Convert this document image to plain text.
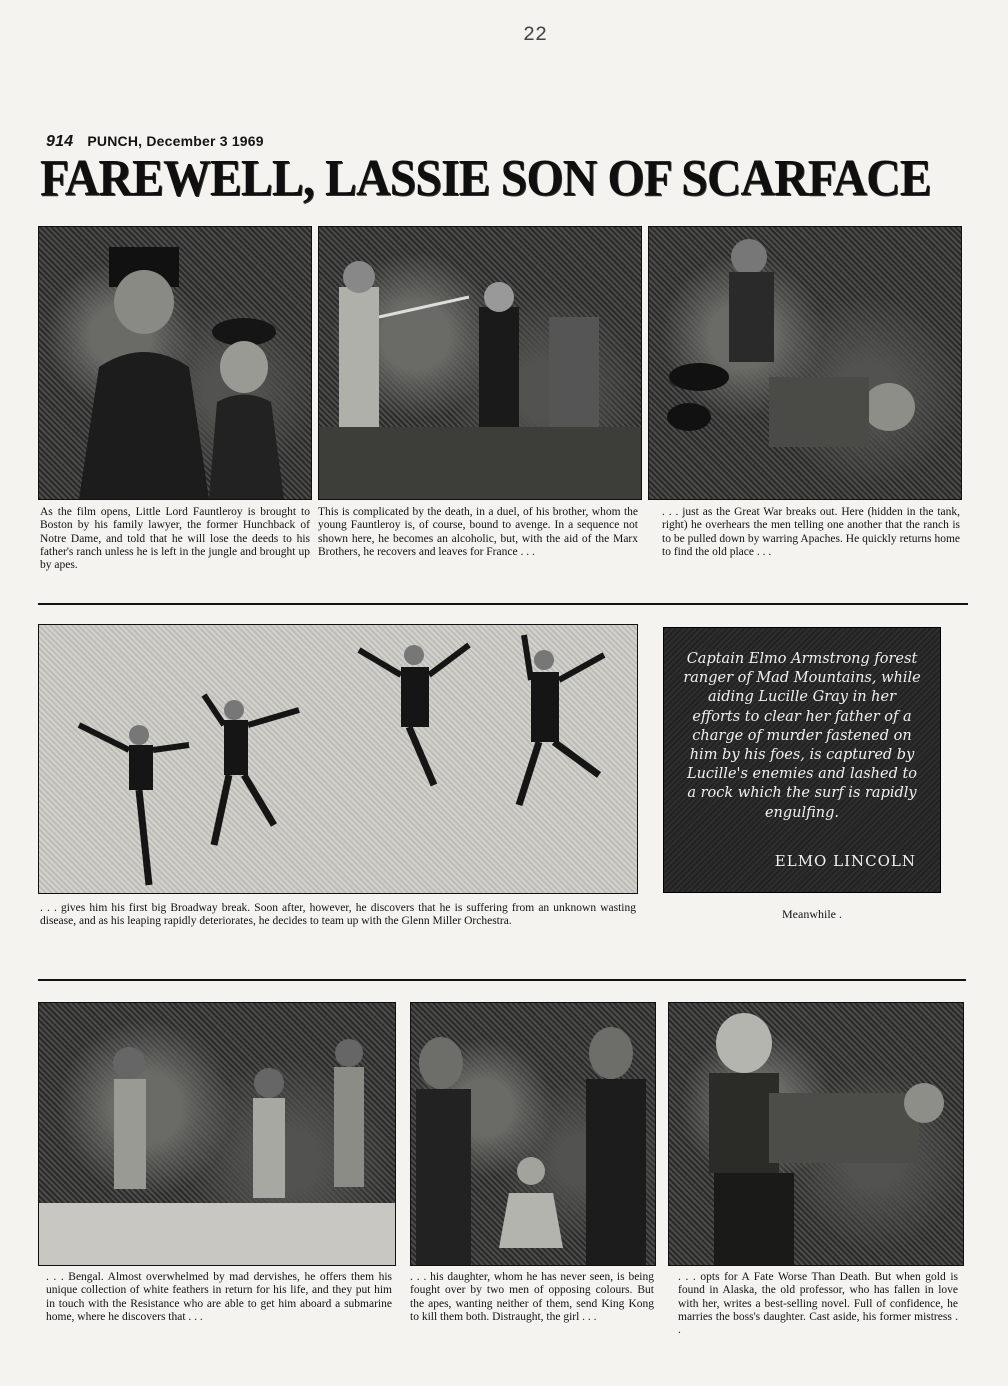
22
914 PUNCH, December 3 1969
FAREWELL, LASSIE SON OF SCARFACE
As the film opens, Little Lord Fauntleroy is brought to Boston by his family lawyer, the former Hunchback of Notre Dame, and told that he will lose the deeds to his father's ranch unless he is left in the jungle and brought up by apes.
This is complicated by the death, in a duel, of his brother, whom the young Fauntleroy is, of course, bound to avenge. In a sequence not shown here, he becomes an alcoholic, but, with the aid of the Marx Brothers, he recovers and leaves for France . . .
. . . just as the Great War breaks out. Here (hidden in the tank, right) he overhears the men telling one another that the ranch is to be pulled down by warring Apaches. He quickly returns home to find the old place . . .
Captain Elmo Armstrong forest ranger of Mad Mountains, while aiding Lucille Gray in her efforts to clear her father of a charge of murder fastened on him by his foes, is captured by Lucille's enemies and lashed to a rock which the surf is rapidly engulfing.
ELMO LINCOLN
. . . gives him his first big Broadway break. Soon after, however, he discovers that he is suffering from an unknown wasting disease, and as his leaping rapidly deteriorates, he decides to team up with the Glenn Miller Orchestra.
Meanwhile .
. . . Bengal. Almost overwhelmed by mad dervishes, he offers them his unique collection of white feathers in return for his life, and they put him in touch with the Resistance who are able to get him aboard a submarine home, where he discovers that . . .
. . . his daughter, whom he has never seen, is being fought over by two men of opposing colours. But the apes, wanting neither of them, send King Kong to kill them both. Distraught, the girl . . .
. . . opts for A Fate Worse Than Death. But when gold is found in Alaska, the old professor, who has fallen in love with her, writes a best-selling novel. Full of confidence, he marries the boss's daughter. Cast aside, his former mistress . .
